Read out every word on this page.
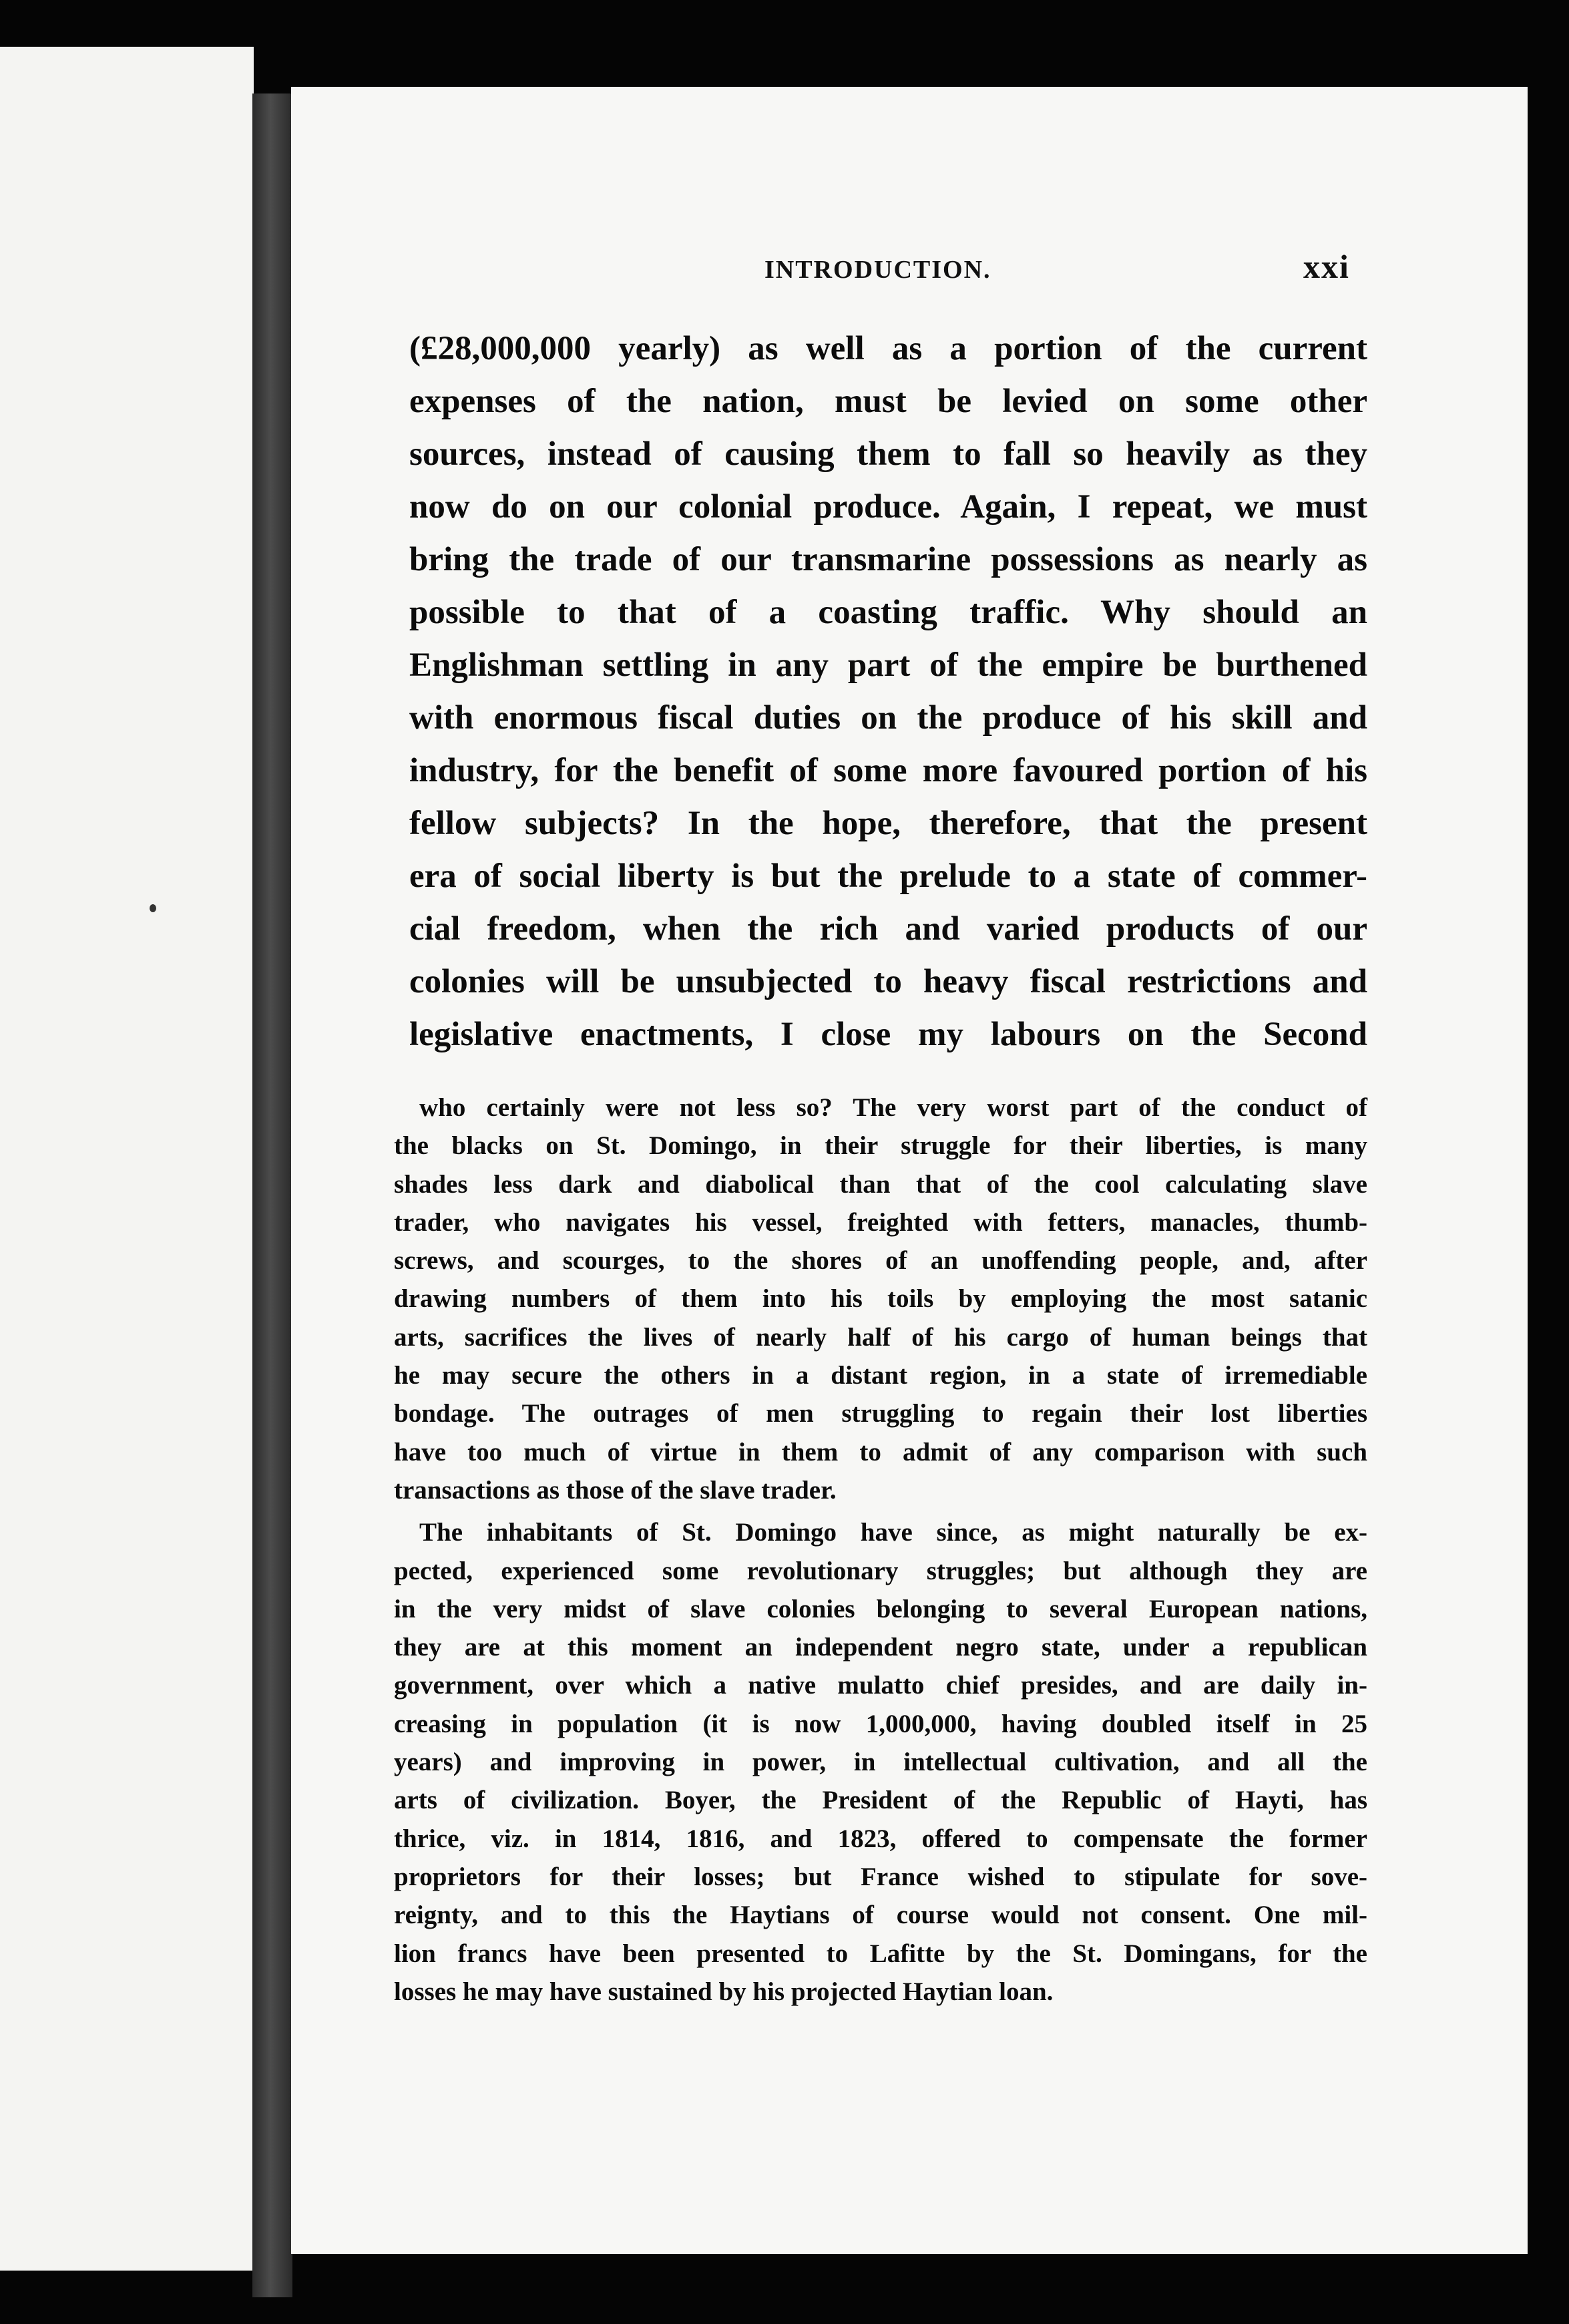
INTRODUCTION.	xxi
(£28,000,000 yearly) as well as a portion of the current
expenses of the nation, must be levied on some other
sources, instead of causing them to fall so heavily as they
now do on our colonial produce. Again, I repeat, we must
bring the trade of our transmarine possessions as nearly as
possible to that of a coasting traffic. Why should an
Englishman settling in any part of the empire be burthened
with enormous fiscal duties on the produce of his skill and
industry, for the benefit of some more favoured portion of his
fellow subjects? In the hope, therefore, that the present
era of social liberty is but the prelude to a state of commer-
cial freedom, when the rich and varied products of our
colonies will be unsubjected to heavy fiscal restrictions and
legislative enactments, I close my labours on the Second
who certainly were not less so? The very worst part of the conduct of
the blacks on St. Domingo, in their struggle for their liberties, is many
shades less dark and diabolical than that of the cool calculating slave
trader, who navigates his vessel, freighted with fetters, manacles, thumb-
screws, and scourges, to the shores of an unoffending people, and, after
drawing numbers of them into his toils by employing the most satanic
arts, sacrifices the lives of nearly half of his cargo of human beings that
he may secure the others in a distant region, in a state of irremediable
bondage. The outrages of men struggling to regain their lost liberties
have too much of virtue in them to admit of any comparison with such
transactions as those of the slave trader.
The inhabitants of St. Domingo have since, as might naturally be ex-
pected, experienced some revolutionary struggles; but although they are
in the very midst of slave colonies belonging to several European nations,
they are at this moment an independent negro state, under a republican
government, over which a native mulatto chief presides, and are daily in-
creasing in population (it is now 1,000,000, having doubled itself in 25
years) and improving in power, in intellectual cultivation, and all the
arts of civilization. Boyer, the President of the Republic of Hayti, has
thrice, viz. in 1814, 1816, and 1823, offered to compensate the former
proprietors for their losses; but France wished to stipulate for sove-
reignty, and to this the Haytians of course would not consent. One mil-
lion francs have been presented to Lafitte by the St. Domingans, for the
losses he may have sustained by his projected Haytian loan.
